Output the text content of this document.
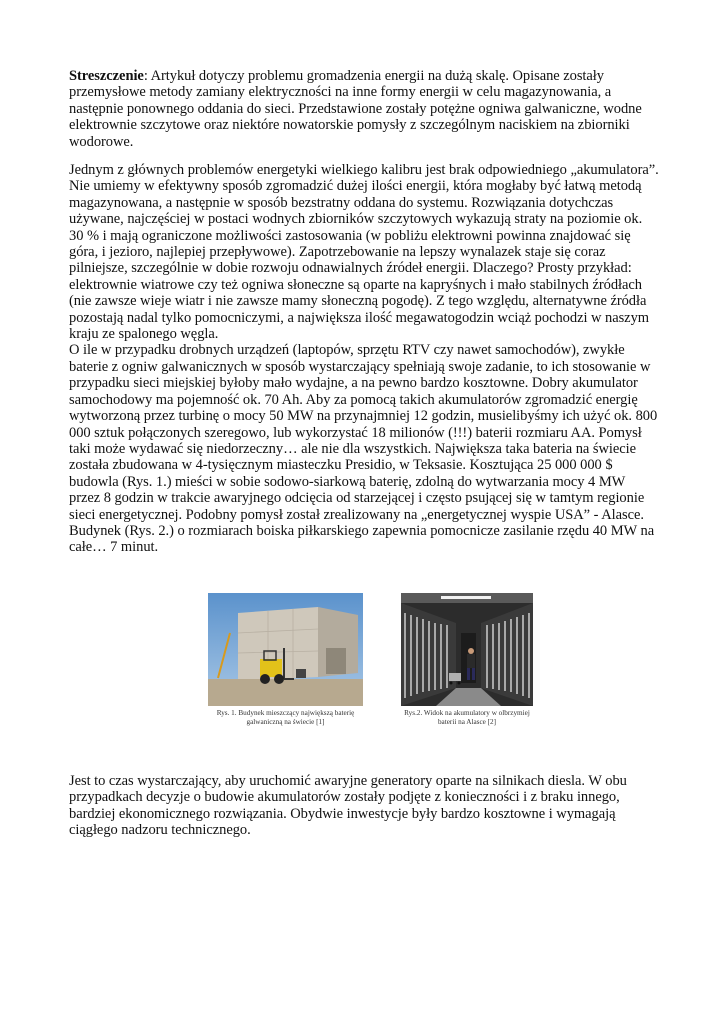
Streszczenie: Artykuł dotyczy problemu gromadzenia energii na dużą skalę. Opisane zostały przemysłowe metody zamiany elektryczności na inne formy energii w celu magazynowania, a następnie ponownego oddania do sieci. Przedstawione zostały potężne ogniwa galwaniczne, wodne elektrownie szczytowe oraz niektóre nowatorskie pomysły z szczególnym naciskiem na zbiorniki wodorowe.

Jednym z głównych problemów energetyki wielkiego kalibru jest brak odpowiedniego „akumulatora”. Nie umiemy w efektywny sposób zgromadzić dużej ilości energii, która mogłaby być łatwą metodą magazynowana, a następnie w sposób bezstratny oddana do systemu. Rozwiązania dotychczas używane, najczęściej w postaci wodnych zbiorników szczytowych wykazują straty na poziomie ok. 30 % i mają ograniczone możliwości zastosowania (w pobliżu elektrowni powinna znajdować się góra, i jezioro, najlepiej przepływowe). Zapotrzebowanie na lepszy wynalazek staje się coraz pilniejsze, szczególnie w dobie rozwoju odnawialnych źródeł energii. Dlaczego? Prosty przykład: elektrownie wiatrowe czy też ogniwa słoneczne są oparte na kapryśnych i mało stabilnych źródłach (nie zawsze wieje wiatr i nie zawsze mamy słoneczną pogodę). Z tego względu, alternatywne źródła pozostają nadal tylko pomocniczymi, a największa ilość megawatogodzin wciąż pochodzi w naszym kraju ze spalonego węgla.

O ile w przypadku drobnych urządzeń (laptopów, sprzętu RTV czy nawet samochodów), zwykłe baterie z ogniw galwanicznych w sposób wystarczający spełniają swoje zadanie, to ich stosowanie w przypadku sieci miejskiej byłoby mało wydajne, a na pewno bardzo kosztowne. Dobry akumulator samochodowy ma pojemność ok. 70 Ah. Aby za pomocą takich akumulatorów zgromadzić energię wytworzoną przez turbinę o mocy 50 MW na przynajmniej 12 godzin, musielibyśmy ich użyć ok. 800 000 sztuk połączonych szeregowo, lub wykorzystać 18 milionów (!!!) baterii rozmiaru AA. Pomysł taki może wydawać się niedorzeczny… ale nie dla wszystkich. Największa taka bateria na świecie została zbudowana w 4-tysięcznym miasteczku Presidio, w Teksasie. Kosztująca 25 000 000 $ budowla (Rys. 1.) mieści w sobie sodowo-siarkową baterię, zdolną do wytwarzania mocy 4 MW przez 8 godzin w trakcie awaryjnego odcięcia od starzejącej i często psującej się w tamtym regionie sieci energetycznej. Podobny pomysł został zrealizowany na „energetycznej wyspie USA” - Alasce. Budynek (Rys. 2.) o rozmiarach boiska piłkarskiego zapewnia pomocnicze zasilanie rzędu 40 MW na całe… 7 minut.

Rys. 1. Budynek mieszczący największą baterię galwaniczną na świecie [1]
Rys.2. Widok na akumulatory w olbrzymiej baterii na Alasce [2]

Jest to czas wystarczający, aby uruchomić awaryjne generatory oparte na silnikach diesla. W obu przypadkach decyzje o budowie akumulatorów zostały podjęte z konieczności i z braku innego, bardziej ekonomicznego rozwiązania. Obydwie inwestycje były bardzo kosztowne i wymagają ciągłego nadzoru technicznego.
